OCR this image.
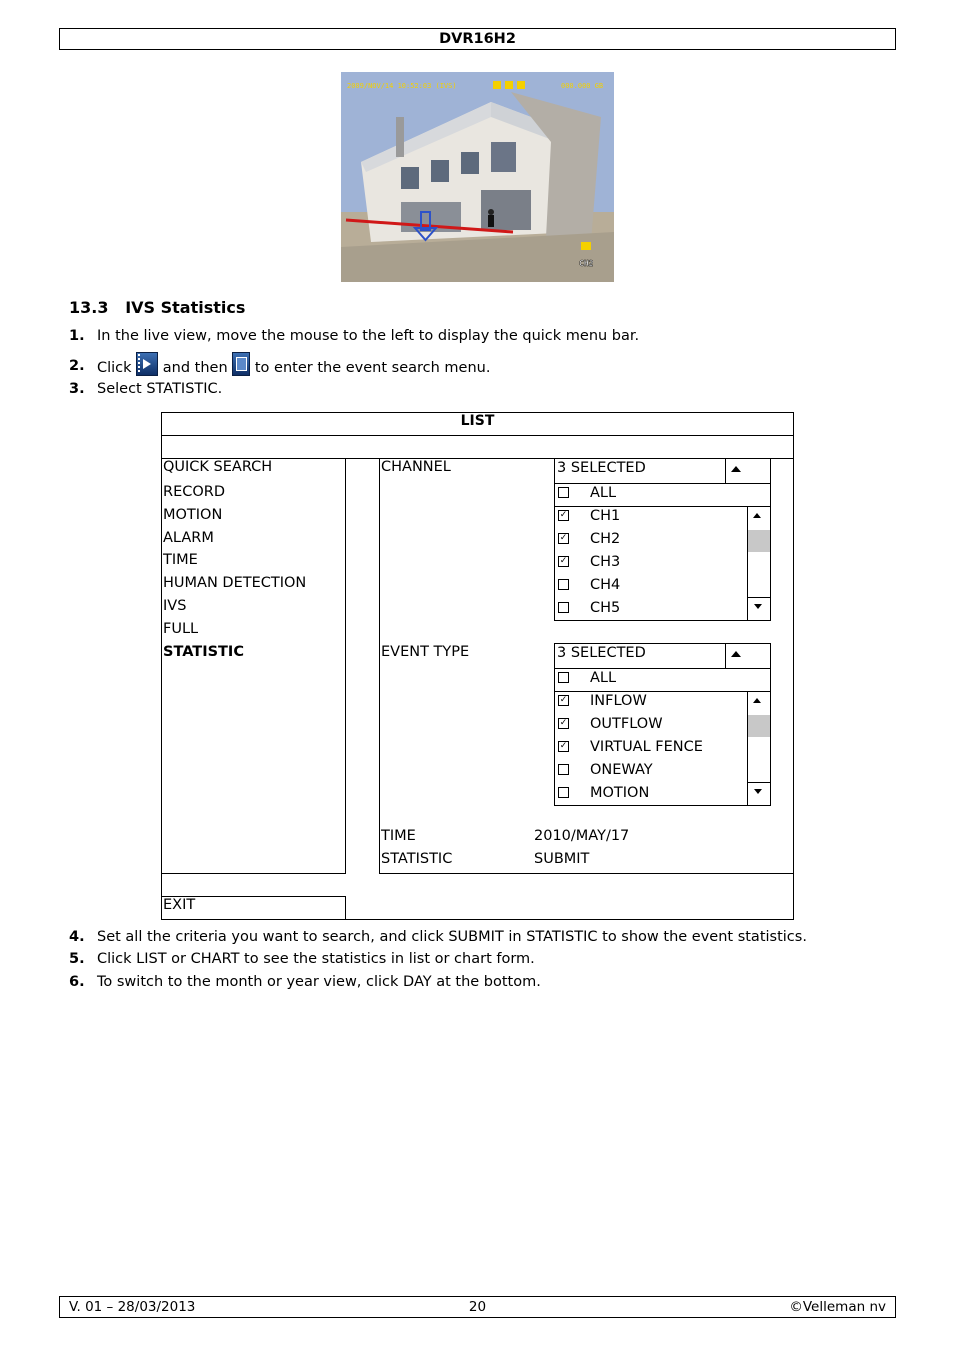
DVR16H2
2009/NOV/14 10:52:03 (IVS)	000.000 GB
CH2
13.3 IVS Statistics
1. In the live view, move the mouse to the left to display the quick menu bar.
2. Click and then to enter the event search menu.
3. Select STATISTIC.
LIST
QUICK SEARCH
RECORD
MOTION
ALARM
TIME
HUMAN DETECTION
IVS
FULL
STATISTIC
EXIT
CHANNEL	3 SELECTED
ALL
✓ CH1
✓ CH2
✓ CH3
CH4
CH5
EVENT TYPE	3 SELECTED
ALL
✓ INFLOW
✓ OUTFLOW
✓ VIRTUAL FENCE
ONEWAY
MOTION
TIME	2010/MAY/17
STATISTIC	SUBMIT
4. Set all the criteria you want to search, and click SUBMIT in STATISTIC to show the event statistics.
5. Click LIST or CHART to see the statistics in list or chart form.
6. To switch to the month or year view, click DAY at the bottom.
V. 01 – 28/03/2013	20	©Velleman nv
